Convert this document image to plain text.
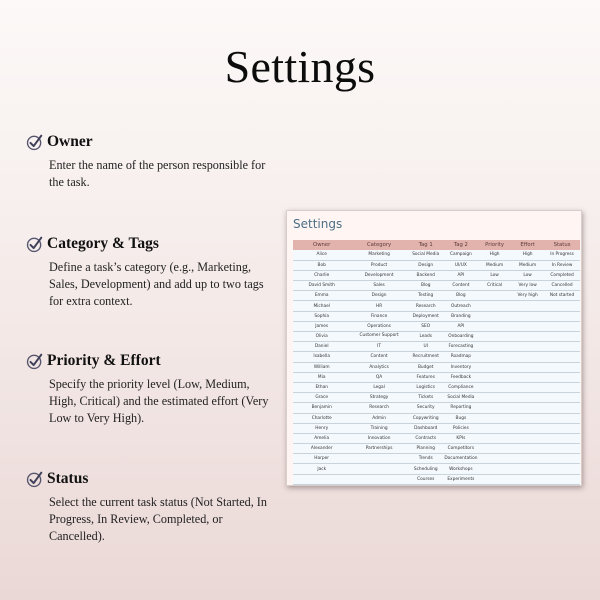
Settings
Owner

Enter the name of the person responsible for the task.

Category & Tags

Define a task’s category (e.g., Marketing, Sales, Development) and add up to two tags for extra context.

Priority & Effort

Specify the priority level (Low, Medium, High, Critical) and the estimated effort (Very Low to Very High).

Status

Select the current task status (Not Started, In Progress, In Review, Completed, or Cancelled).

Settings
Owner	Category	Tag 1	Tag 2	Priority	Effort	Status
Alice	Marketing	Social Media	Campaign	High	High	In Progress
Bob	Product	Design	UI/UX	Medium	Medium	In Review
Charlie	Development	Backend	API	Low	Low	Completed
David Smith	Sales	Blog	Content	Critical	Very low	Cancelled
Emma	Design	Testing	Blog		Very high	Not started
Michael	HR	Research	Outreach			
Sophia	Finance	Deployment	Branding			
James	Operations	SEO	API			
Olivia	Customer Support	Leads	Onboarding			
Daniel	IT	UI	Forecasting			
Isabella	Content	Recruitment	Roadmap			
William	Analytics	Budget	Inventory			
Mia	QA	Features	Feedback			
Ethan	Legal	Logistics	Compliance			
Grace	Strategy	Tickets	Social Media			
Benjamin	Research	Security	Reporting			
Charlotte	Admin	Copywriting	Bugs			
Henry	Training	Dashboard	Policies			
Amelia	Innovation	Contracts	KPIs			
Alexander	Partnerships	Planning	Competitors			
Harper		Trends	Documentation			
Jack		Scheduling	Workshops			
		Courses	Experiments			
